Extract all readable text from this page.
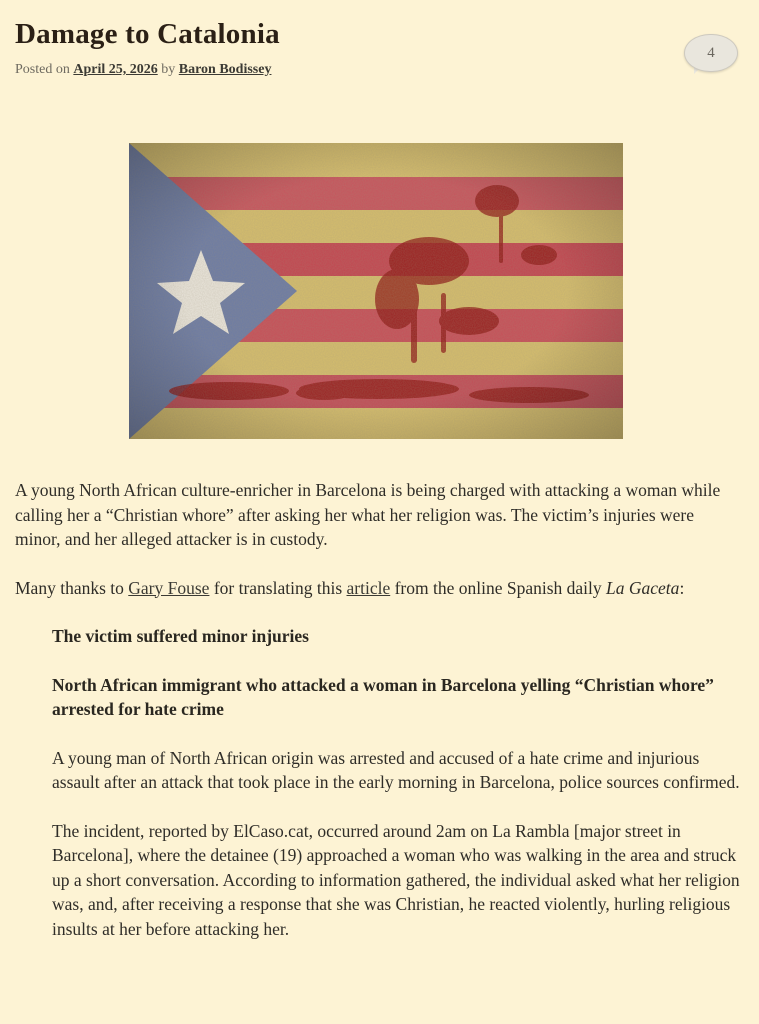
Damage to Catalonia
Posted on April 25, 2026 by Baron Bodissey
4

A young North African culture-enricher in Barcelona is being charged with attacking a woman while calling her a “Christian whore” after asking her what her religion was. The victim’s injuries were minor, and her alleged attacker is in custody.

Many thanks to Gary Fouse for translating this article from the online Spanish daily La Gaceta:

The victim suffered minor injuries

North African immigrant who attacked a woman in Barcelona yelling “Christian whore” arrested for hate crime

A young man of North African origin was arrested and accused of a hate crime and injurious assault after an attack that took place in the early morning in Barcelona, police sources confirmed.

The incident, reported by ElCaso.cat, occurred around 2am on La Rambla [major street in Barcelona], where the detainee (19) approached a woman who was walking in the area and struck up a short conversation. According to information gathered, the individual asked what her religion was, and, after receiving a response that she was Christian, he reacted violently, hurling religious insults at her before attacking her.
